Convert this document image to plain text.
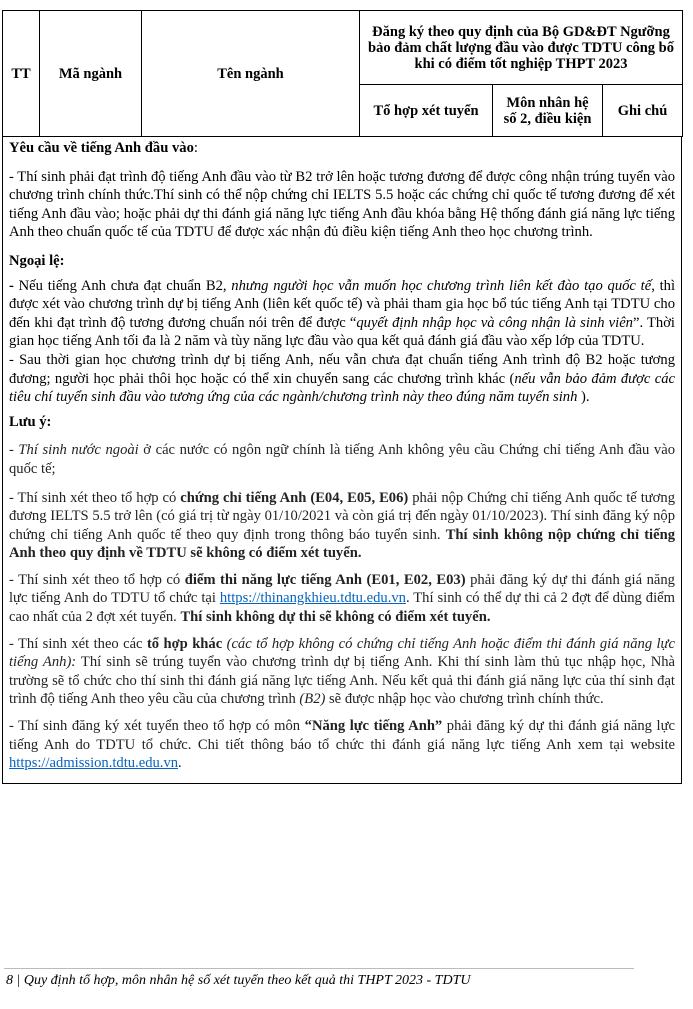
TT	Mã ngành	Tên ngành	Đăng ký theo quy định của Bộ GD&ĐT Ngưỡng bảo đảm chất lượng đầu vào được TDTU công bố khi có điểm tốt nghiệp THPT 2023		
			Tổ hợp xét tuyển	Môn nhân hệ số 2, điều kiện	Ghi chú

Yêu cầu về tiếng Anh đầu vào:

- Thí sinh phải đạt trình độ tiếng Anh đầu vào từ B2 trở lên hoặc tương đương để được công nhận trúng tuyển vào chương trình chính thức.Thí sinh có thể nộp chứng chỉ IELTS 5.5 hoặc các chứng chỉ quốc tế tương đương để xét tiếng Anh đầu vào; hoặc phải dự thi đánh giá năng lực tiếng Anh đầu khóa bằng Hệ thống đánh giá năng lực tiếng Anh theo chuẩn quốc tế của TDTU để được xác nhận đủ điều kiện tiếng Anh theo học chương trình.

Ngoại lệ:

- Nếu tiếng Anh chưa đạt chuẩn B2, nhưng người học vẫn muốn học chương trình liên kết đào tạo quốc tế, thì được xét vào chương trình dự bị tiếng Anh (liên kết quốc tế) và phải tham gia học bổ túc tiếng Anh tại TDTU cho đến khi đạt trình độ tương đương chuẩn nói trên để được “quyết định nhập học và công nhận là sinh viên”. Thời gian học tiếng Anh tối đa là 2 năm và tùy năng lực đầu vào qua kết quả đánh giá đầu vào xếp lớp của TDTU.

- Sau thời gian học chương trình dự bị tiếng Anh, nếu vẫn chưa đạt chuẩn tiếng Anh trình độ B2 hoặc tương đương; người học phải thôi học hoặc có thể xin chuyển sang các chương trình khác (nếu vẫn bảo đảm được các tiêu chí tuyển sinh đầu vào tương ứng của các ngành/chương trình này theo đúng năm tuyển sinh ).

Lưu ý:

- Thí sinh nước ngoài ở các nước có ngôn ngữ chính là tiếng Anh không yêu cầu Chứng chỉ tiếng Anh đầu vào quốc tế;

- Thí sinh xét theo tổ hợp có chứng chỉ tiếng Anh (E04, E05, E06) phải nộp Chứng chỉ tiếng Anh quốc tế tương đương IELTS 5.5 trở lên (có giá trị từ ngày 01/10/2021 và còn giá trị đến ngày 01/10/2023). Thí sinh đăng ký nộp chứng chỉ tiếng Anh quốc tế theo quy định trong thông báo tuyển sinh. Thí sinh không nộp chứng chỉ tiếng Anh theo quy định về TDTU sẽ không có điểm xét tuyển.

- Thí sinh xét theo tổ hợp có điểm thi năng lực tiếng Anh (E01, E02, E03) phải đăng ký dự thi đánh giá năng lực tiếng Anh do TDTU tổ chức tại https://thinangkhieu.tdtu.edu.vn. Thí sinh có thể dự thi cả 2 đợt để dùng điểm cao nhất của 2 đợt xét tuyển. Thí sinh không dự thi sẽ không có điểm xét tuyển.

- Thí sinh xét theo các tổ hợp khác (các tổ hợp không có chứng chỉ tiếng Anh hoặc điểm thi đánh giá năng lực tiếng Anh): Thí sinh sẽ trúng tuyển vào chương trình dự bị tiếng Anh. Khi thí sinh làm thủ tục nhập học, Nhà trường sẽ tổ chức cho thí sinh thi đánh giá năng lực tiếng Anh. Nếu kết quả thi đánh giá năng lực của thí sinh đạt trình độ tiếng Anh theo yêu cầu của chương trình (B2) sẽ được nhập học vào chương trình chính thức.

- Thí sinh đăng ký xét tuyển theo tổ hợp có môn “Năng lực tiếng Anh” phải đăng ký dự thi đánh giá năng lực tiếng Anh do TDTU tổ chức. Chi tiết thông báo tổ chức thi đánh giá năng lực tiếng Anh xem tại website https://admission.tdtu.edu.vn.

8 | Quy định tổ hợp, môn nhân hệ số xét tuyển theo kết quả thi THPT 2023 - TDTU
